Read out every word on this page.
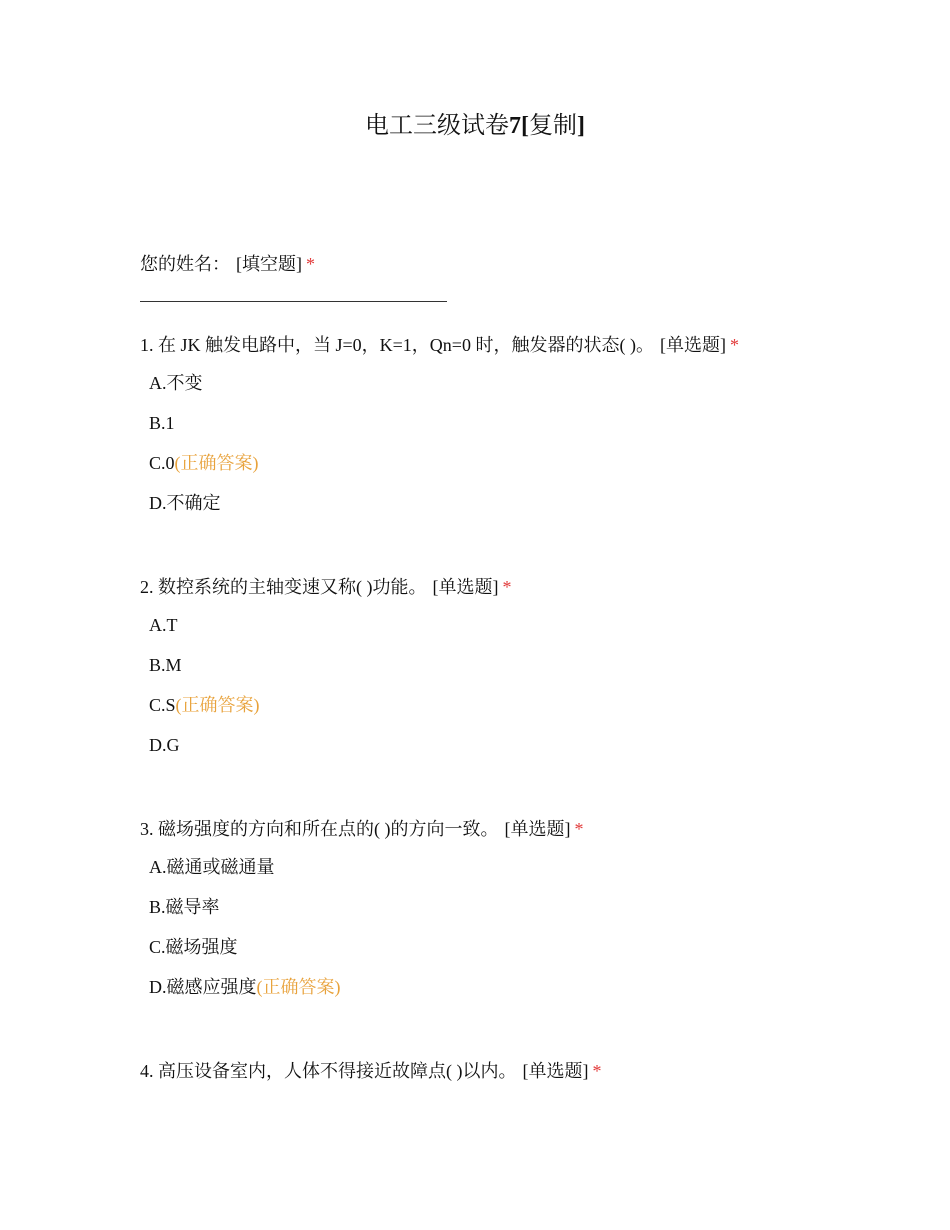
电工三级试卷7[复制]
您的姓名： [填空题] *
1. 在 JK 触发电路中，当 J=0，K=1，Qn=0 时，触发器的状态( )。 [单选题] *
A.不变
B.1
C.0(正确答案)
D.不确定
2. 数控系统的主轴变速又称( )功能。 [单选题] *
A.T
B.M
C.S(正确答案)
D.G
3. 磁场强度的方向和所在点的( )的方向一致。 [单选题] *
A.磁通或磁通量
B.磁导率
C.磁场强度
D.磁感应强度(正确答案)
4. 高压设备室内，人体不得接近故障点( )以内。 [单选题] *
